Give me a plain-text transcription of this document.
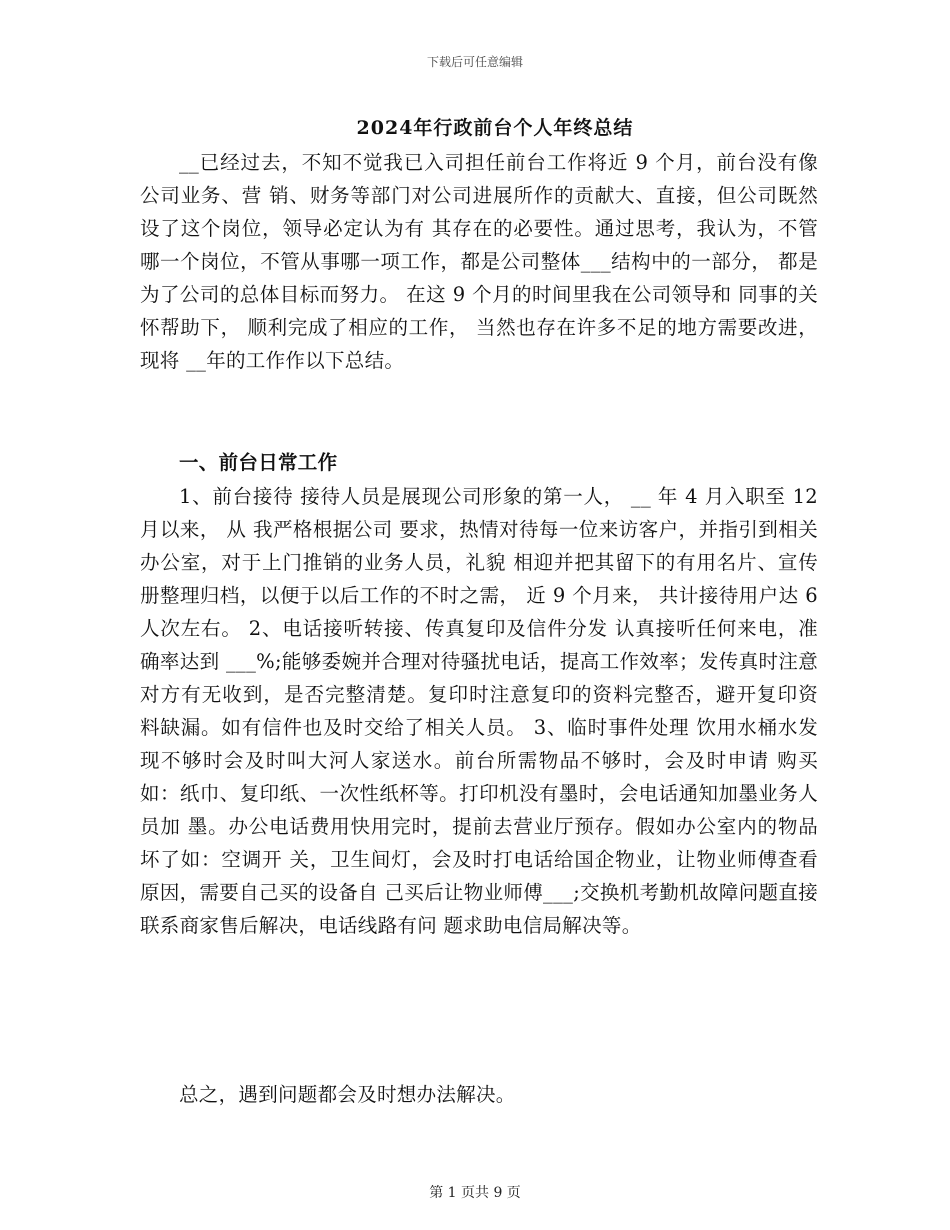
下载后可任意编辑
2024年行政前台个人年终总结

__已经过去，不知不觉我已入司担任前台工作将近 9 个月，前台没有像公司业务、营 销、财务等部门对公司进展所作的贡献大、直接，但公司既然设了这个岗位，领导必定认为有 其存在的必要性。通过思考，我认为，不管哪一个岗位，不管从事哪一项工作，都是公司整体___结构中的一部分， 都是为了公司的总体目标而努力。 在这 9 个月的时间里我在公司领导和 同事的关怀帮助下， 顺利完成了相应的工作， 当然也存在许多不足的地方需要改进， 现将 __年的工作作以下总结。

一、前台日常工作

1、前台接待 接待人员是展现公司形象的第一人， __ 年 4 月入职至 12 月以来， 从 我严格根据公司 要求，热情对待每一位来访客户，并指引到相关办公室，对于上门推销的业务人员，礼貌 相迎并把其留下的有用名片、宣传册整理归档，以便于以后工作的不时之需， 近 9 个月来， 共计接待用户达 6 人次左右。 2、电话接听转接、传真复印及信件分发 认真接听任何来电，准确率达到 ___%;能够委婉并合理对待骚扰电话，提高工作效率；发传真时注意对方有无收到，是否完整清楚。复印时注意复印的资料完整否，避开复印资 料缺漏。如有信件也及时交给了相关人员。 3、临时事件处理 饮用水桶水发现不够时会及时叫大河人家送水。前台所需物品不够时，会及时申请 购买如：纸巾、复印纸、一次性纸杯等。打印机没有墨时，会电话通知加墨业务人员加 墨。办公电话费用快用完时，提前去营业厅预存。假如办公室内的物品坏了如：空调开 关，卫生间灯，会及时打电话给国企物业，让物业师傅查看原因，需要自己买的设备自 己买后让物业师傅___;交换机考勤机故障问题直接联系商家售后解决，电话线路有问 题求助电信局解决等。

总之，遇到问题都会及时想办法解决。

第 1 页共 9 页
